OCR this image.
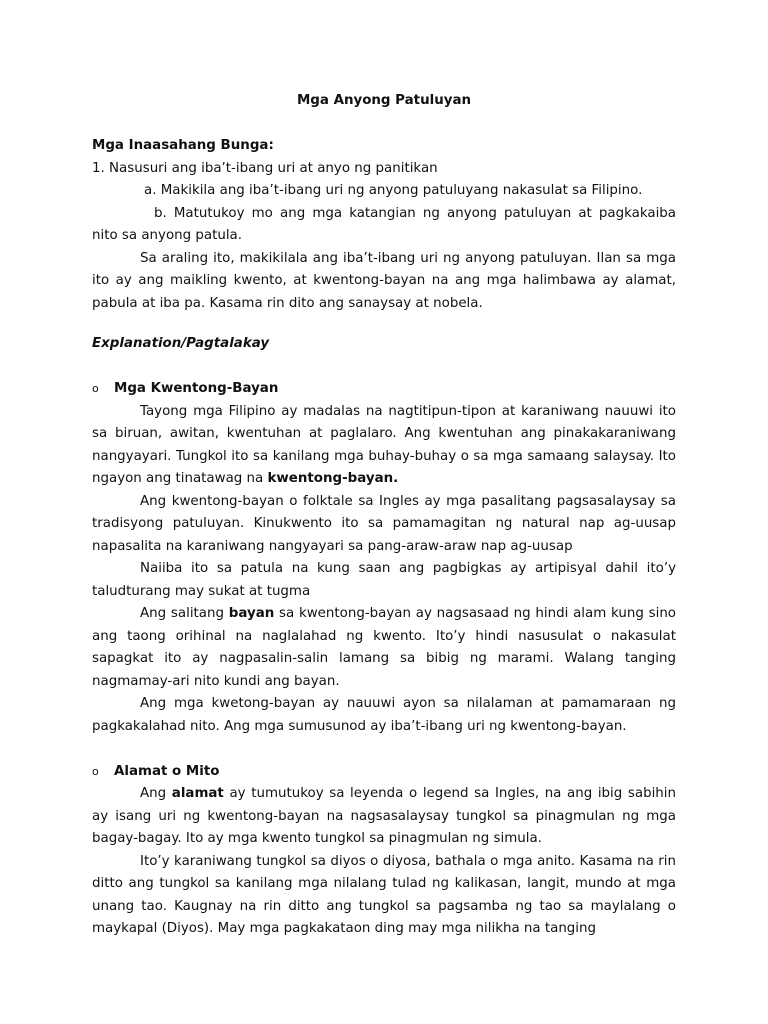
Mga Anyong Patuluyan

Mga Inaasahang Bunga:

1. Nasusuri ang iba’t-ibang uri at anyo ng panitikan

a. Makikila ang iba’t-ibang uri ng anyong patuluyang nakasulat sa Filipino.

b. Matutukoy mo ang mga katangian ng anyong patuluyan at pagkakaiba nito sa anyong patula.

Sa araling ito, makikilala ang iba’t-ibang uri ng anyong patuluyan. Ilan sa mga ito ay ang maikling kwento, at kwentong-bayan na ang mga halimbawa ay alamat, pabula at iba pa. Kasama rin dito ang sanaysay at nobela.

Explanation/Pagtalakay

o	Mga Kwentong-Bayan

Tayong mga Filipino ay madalas na nagtitipun-tipon at karaniwang nauuwi ito sa biruan, awitan, kwentuhan at paglalaro. Ang kwentuhan ang pinakakaraniwang nangyayari. Tungkol ito sa kanilang mga buhay-buhay o sa mga samaang salaysay. Ito ngayon ang tinatawag na kwentong-bayan.

Ang kwentong-bayan o folktale sa Ingles ay mga pasalitang pagsasalaysay sa tradisyong patuluyan. Kinukwento ito sa pamamagitan ng natural nap ag-uusap napasalita na karaniwang nangyayari sa pang-araw-araw nap ag-uusap

Naiiba ito sa patula na kung saan ang pagbigkas ay artipisyal dahil ito’y taludturang may sukat at tugma

Ang salitang bayan sa kwentong-bayan ay nagsasaad ng hindi alam kung sino ang taong orihinal na naglalahad ng kwento. Ito’y hindi nasusulat o nakasulat sapagkat ito ay nagpasalin-salin lamang sa bibig ng marami. Walang tanging nagmamay-ari nito kundi ang bayan.

Ang mga kwetong-bayan ay nauuwi ayon sa nilalaman at pamamaraan ng pagkakalahad nito. Ang mga sumusunod ay iba’t-ibang uri ng kwentong-bayan.

o	Alamat o Mito

Ang alamat ay tumutukoy sa leyenda o legend sa Ingles, na ang ibig sabihin ay isang uri ng kwentong-bayan na nagsasalaysay tungkol sa pinagmulan ng mga bagay-bagay. Ito ay mga kwento tungkol sa pinagmulan ng simula.

Ito’y karaniwang tungkol sa diyos o diyosa, bathala o mga anito. Kasama na rin ditto ang tungkol sa kanilang mga nilalang tulad ng kalikasan, langit, mundo at mga unang tao. Kaugnay na rin ditto ang tungkol sa pagsamba ng tao sa maylalang o maykapal (Diyos). May mga pagkakataon ding may mga nilikha na tanging
